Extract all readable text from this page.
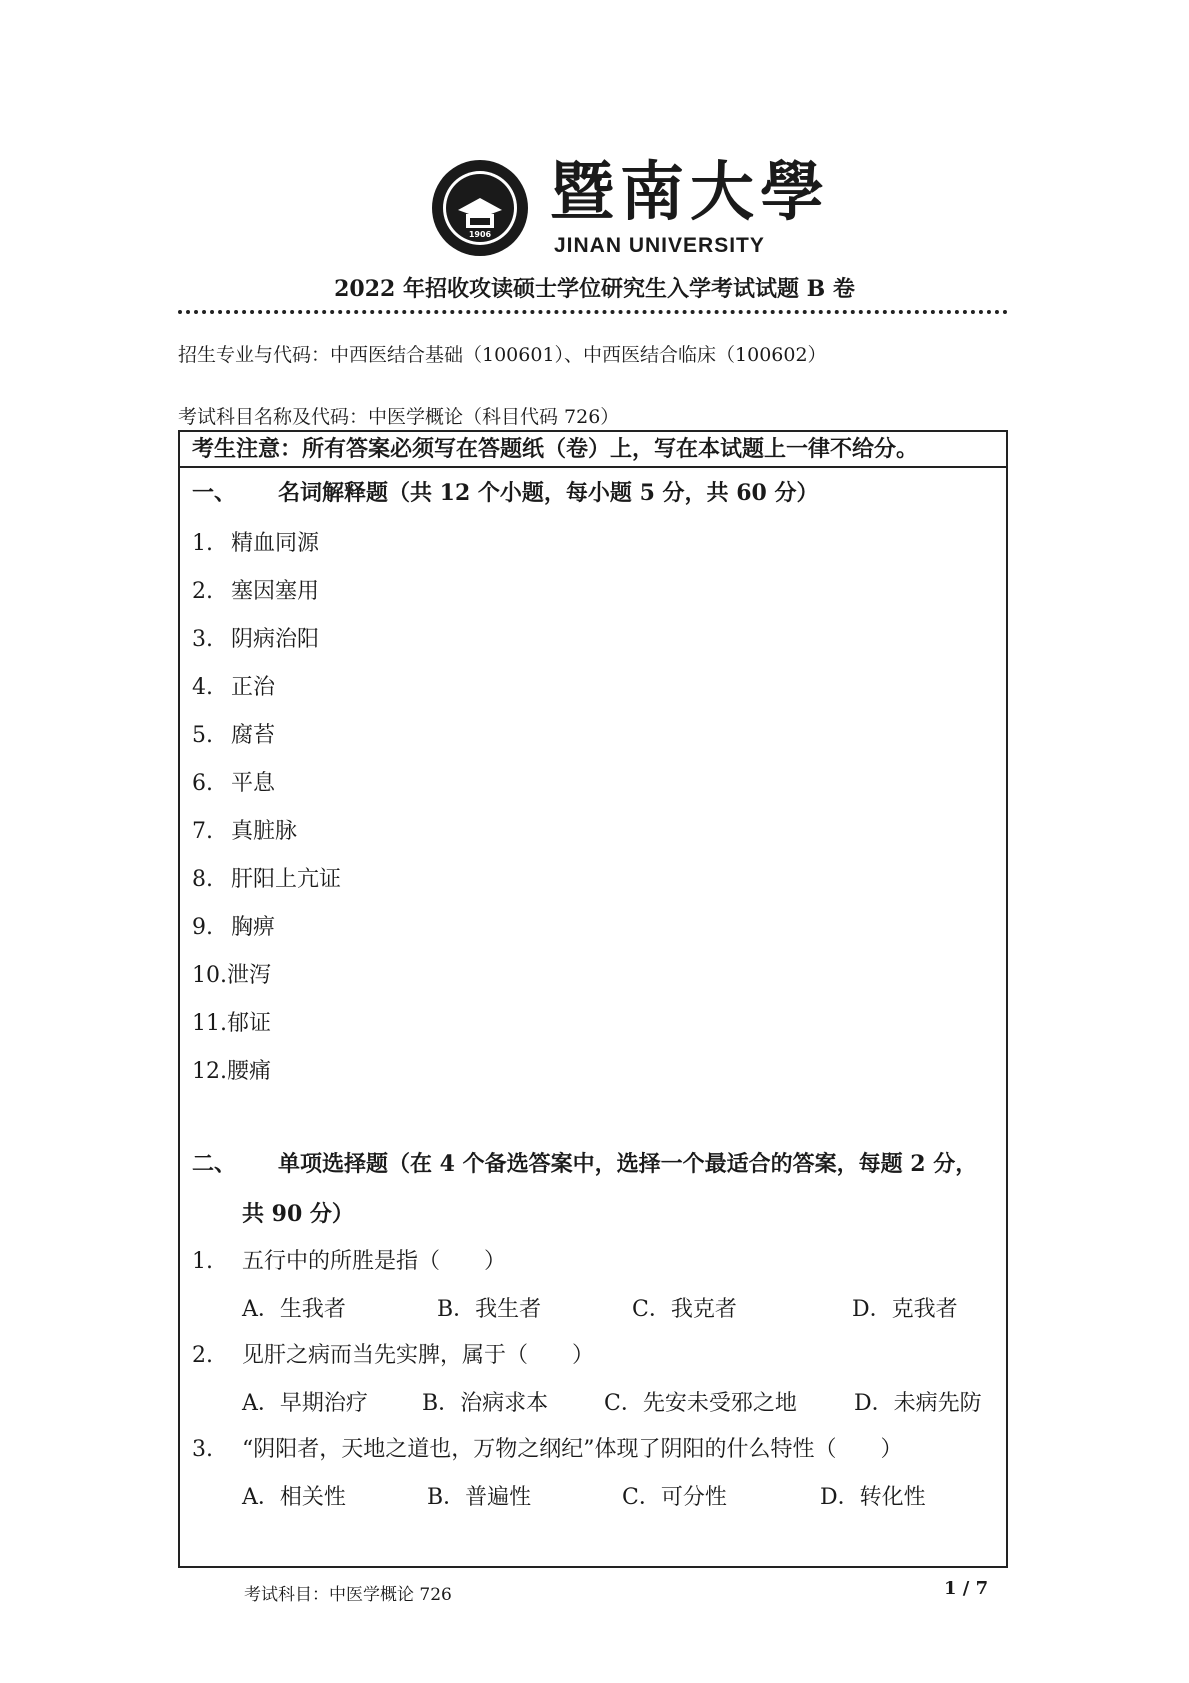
1906
暨南大學
JINAN UNIVERSITY
2022 年招收攻读硕士学位研究生入学考试试题 B 卷
招生专业与代码：中西医结合基础（100601）、中西医结合临床（100602）
考试科目名称及代码：中医学概论（科目代码 726）
考生注意：所有答案必须写在答题纸（卷）上，写在本试题上一律不给分。
一、 名词解释题（共 12 个小题，每小题 5 分，共 60 分）
1. 精血同源
2. 塞因塞用
3. 阴病治阳
4. 正治
5. 腐苔
6. 平息
7. 真脏脉
8. 肝阳上亢证
9. 胸痹
10.泄泻
11.郁证
12.腰痛
二、 单项选择题（在 4 个备选答案中，选择一个最适合的答案，每题 2 分，
共 90 分）
1. 五行中的所胜是指（　　）
A．生我者	B．我生者	C．我克者	D．克我者
2. 见肝之病而当先实脾，属于（　　）
A．早期治疗 B．治病求本	C．先安未受邪之地	D．未病先防
3. “阴阳者，天地之道也，万物之纲纪”体现了阴阳的什么特性（　　）
A．相关性	B．普遍性	C．可分性	D．转化性
考试科目：中医学概论 726	1 / 7
